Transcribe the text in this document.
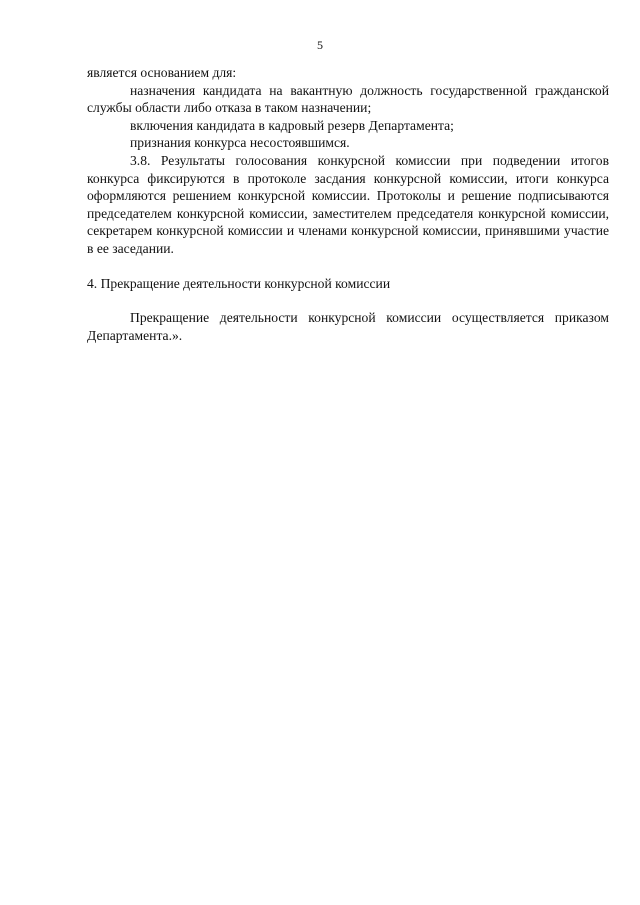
5

является основанием для:

назначения кандидата на вакантную должность государственной гражданской службы области либо отказа в таком назначении;

включения кандидата в кадровый резерв Департамента;

признания конкурса несостоявшимся.

3.8. Результаты голосования конкурсной комиссии при подведении итогов конкурса фиксируются в протоколе засдания конкурсной комиссии, итоги конкурса оформляются решением конкурсной комиссии. Протоколы и решение подписываются председателем конкурсной комиссии, заместителем председателя конкурсной комиссии, секретарем конкурсной комиссии и членами конкурсной комиссии, принявшими участие в ее заседании.

4. Прекращение деятельности конкурсной комиссии

Прекращение деятельности конкурсной комиссии осуществляется приказом Департамента.».
